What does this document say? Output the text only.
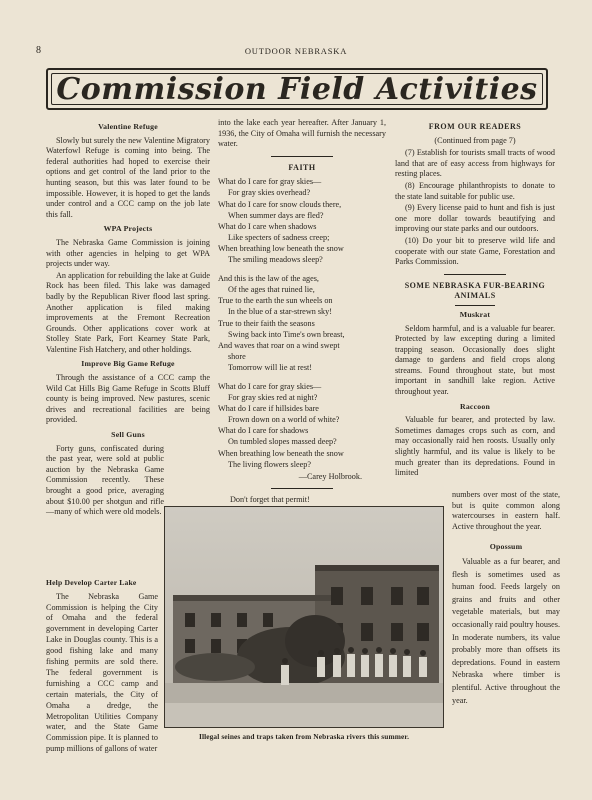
8	OUTDOOR NEBRASKA
Commission Field Activities
Valentine Refuge

Slowly but surely the new Valentine Migratory Waterfowl Refuge is coming into being. The federal authorities had hoped to exercise their options and get control of the land prior to the hunting season, but this was later found to be impossible. However, it is hoped to get the lands under control and a CCC camp on the job late this fall.

WPA Projects

The Nebraska Game Commission is joining with other agencies in helping to get WPA projects under way.

An application for rebuilding the lake at Guide Rock has been filed. This lake was damaged badly by the Republican River flood last spring. Another application is filed making improvements at the Fremont Recreation Grounds. Other applications cover work at Stolley State Park, Fort Kearney State Park, Valentine Fish Hatchery, and other holdings.

Improve Big Game Refuge

Through the assistance of a CCC camp the Wild Cat Hills Big Game Refuge in Scotts Bluff county is being improved. New pastures, scenic drives and recreational facilities are being provided.

Sell Guns

Forty guns, confiscated during the past year, were sold at public auction by the Nebraska Game Commission recently. These brought a good price, averaging about $10.00 per shotgun and rifle—many of which were old models.

Help Develop Carter Lake

The Nebraska Game Commission is helping the City of Omaha and the federal government in developing Carter Lake in Douglas county. This is a good fishing lake and many fishing permits are sold there. The federal government is furnishing a CCC camp and certain materials, the City of Omaha a dredge, the Metropolitan Utilities Company water, and the State Game Commission pipe. It is planned to pump millions of gallons of water

into the lake each year hereafter. After January 1, 1936, the City of Omaha will furnish the necessary water.

FAITH
What do I care for gray skies—
For gray skies overhead?
What do I care for snow clouds there,
When summer days are fled?
What do I care when shadows
Like specters of sadness creep;
When breathing low beneath the snow
The smiling meadows sleep?
And this is the law of the ages,
Of the ages that ruined lie,
True to the earth the sun wheels on
In the blue of a star-strewn sky!
True to their faith the seasons
Swing back into Time's own breast,
And waves that roar on a wind swept
shore
Tomorrow will lie at rest!
What do I care for gray skies—
For gray skies red at night?
What do I care if hillsides bare
Frown down on a world of white?
What do I care for shadows
On tumbled slopes massed deep?
When breathing low beneath the snow
The living flowers sleep?
—Carey Holbrook.
Don't forget that permit!
FROM OUR READERS
(Continued from page 7)

(7) Establish for tourists small tracts of wood land that are of easy access from highways for resting places.

(8) Encourage philanthropists to donate to the state land suitable for public use.

(9) Every license paid to hunt and fish is just one more dollar towards beautifying and improving our state parks and our outdoors.

(10) Do your bit to preserve wild life and cooperate with our state Game, Forestation and Parks Commission.

SOME NEBRASKA FUR-BEARING ANIMALS
Muskrat

Seldom harmful, and is a valuable fur bearer. Protected by law excepting during a limited trapping season. Occasionally does slight damage to gardens and field crops along streams. Found throughout state, but most important in sandhill lake region. Active throughout year.

Raccoon

Valuable fur bearer, and protected by law. Sometimes damages crops such as corn, and may occasionally raid hen roosts. Usually only slightly harmful, and its value is likely to be much greater than its depredations. Found in limited

numbers over most of the state, but is quite common along watercourses in eastern half. Active throughout the year.

Opossum

Valuable as a fur bearer, and flesh is sometimes used as human food. Feeds largely on grains and fruits and other vegetable materials, but may occasionally raid poultry houses. In moderate numbers, its value probably more than offsets its depredations. Found in eastern Nebraska where timber is plentiful. Active throughout the year.

Illegal seines and traps taken from Nebraska rivers this summer.
